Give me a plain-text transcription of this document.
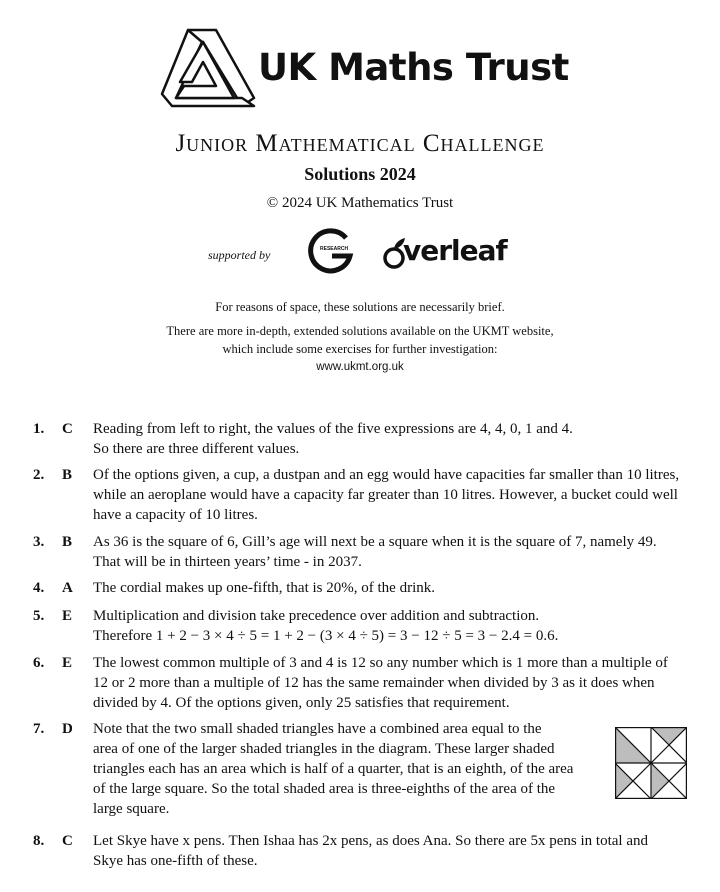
UK Maths Trust
Junior Mathematical Challenge
Solutions 2024
© 2024 UK Mathematics Trust
supported by	RESEARCH verleaf
For reasons of space, these solutions are necessarily brief.
There are more in-depth, extended solutions available on the UKMT website,
which include some exercises for further investigation:
www.ukmt.org.uk
1. C Reading from left to right, the values of the five expressions are 4, 4, 0, 1 and 4.
So there are three different values.
2. B Of the options given, a cup, a dustpan and an egg would have capacities far smaller than 10 litres,
while an aeroplane would have a capacity far greater than 10 litres. However, a bucket could well
have a capacity of 10 litres.
3. B As 36 is the square of 6, Gill’s age will next be a square when it is the square of 7, namely 49.
That will be in thirteen years’ time - in 2037.
4. A The cordial makes up one-fifth, that is 20%, of the drink.
5. E Multiplication and division take precedence over addition and subtraction.
Therefore 1 + 2 − 3 × 4 ÷ 5 = 1 + 2 − (3 × 4 ÷ 5) = 3 − 12 ÷ 5 = 3 − 2.4 = 0.6.
6. E The lowest common multiple of 3 and 4 is 12 so any number which is 1 more than a multiple of
12 or 2 more than a multiple of 12 has the same remainder when divided by 3 as it does when
divided by 4. Of the options given, only 25 satisfies that requirement.
7. D Note that the two small shaded triangles have a combined area equal to the
area of one of the larger shaded triangles in the diagram. These larger shaded
triangles each has an area which is half of a quarter, that is an eighth, of the area
of the large square. So the total shaded area is three-eighths of the area of the
large square.
8. C Let Skye have x pens. Then Ishaa has 2x pens, as does Ana. So there are 5x pens in total and
Skye has one-fifth of these.
